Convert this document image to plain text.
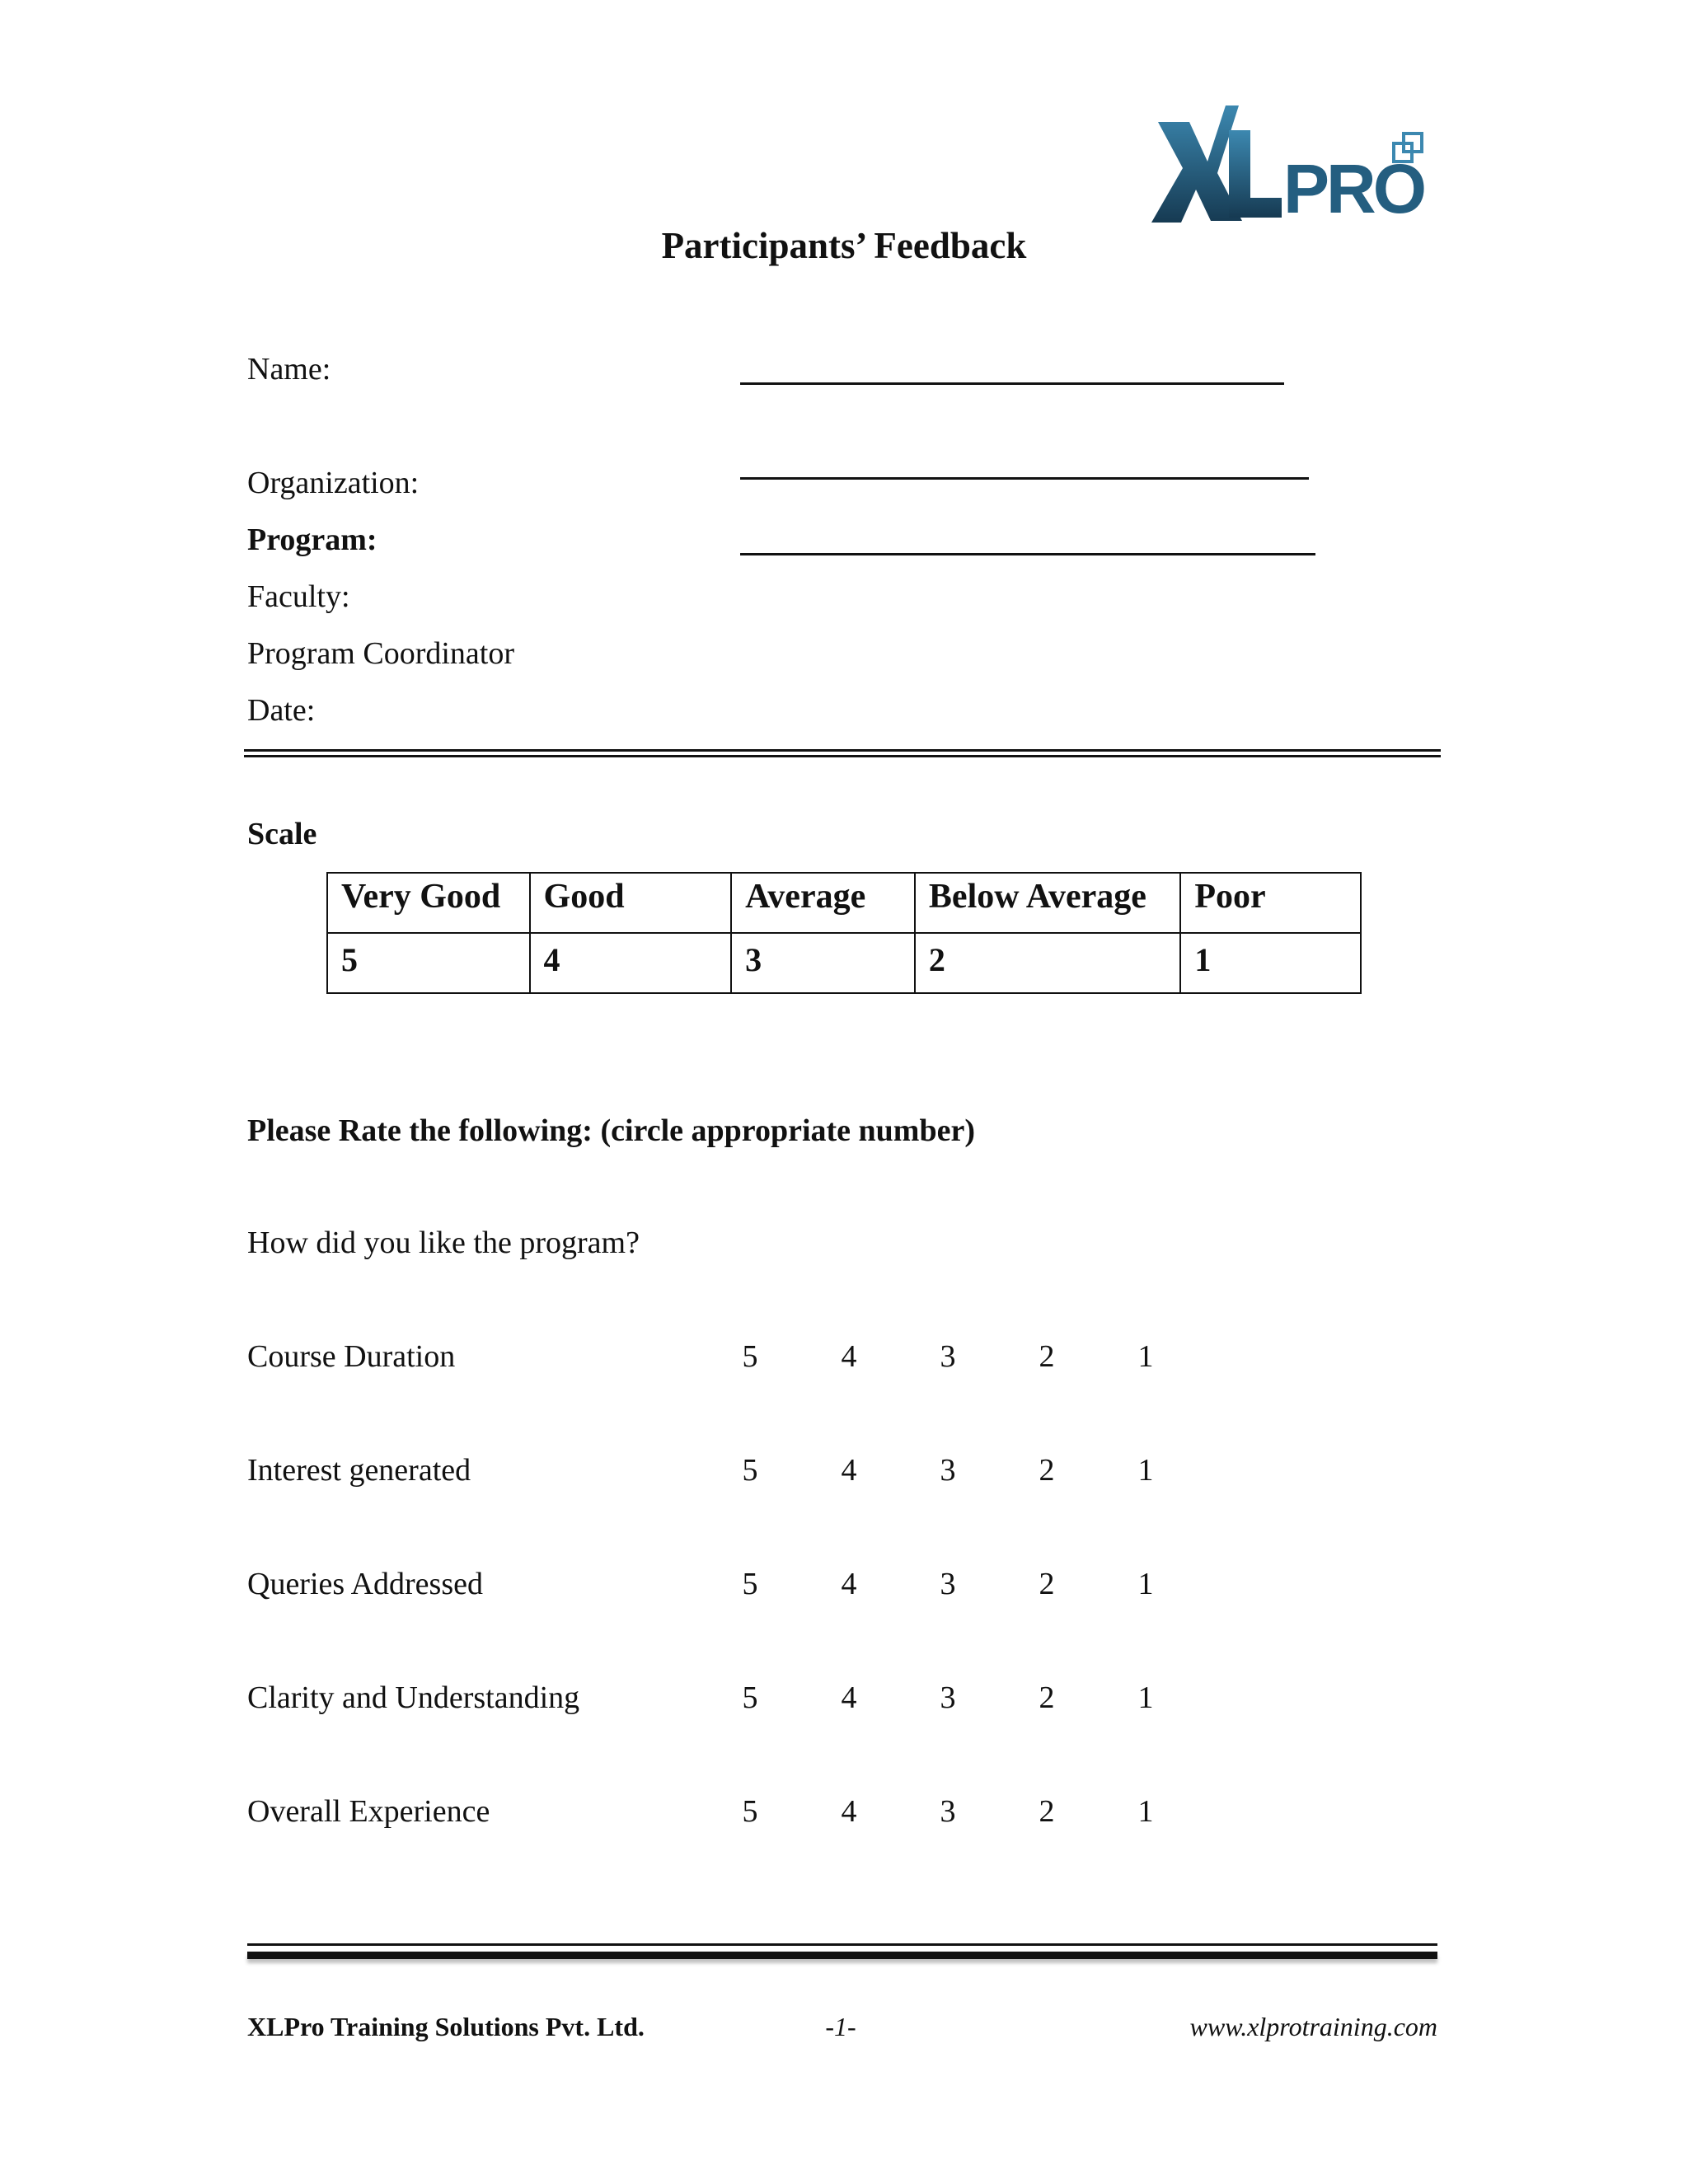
PRO
Participants’ Feedback
Name:
Organization:
Program:
Faculty:
Program Coordinator
Date:
Scale
Very Good	Good	Average	Below Average	Poor
5	4	3	2	1
Please Rate the following: (circle appropriate number)
How did you like the program?
Course Duration	5	4	3	2	1
Interest generated	5	4	3	2	1
Queries Addressed	5	4	3	2	1
Clarity and Understanding	5	4	3	2	1
Overall Experience	5	4	3	2	1
XLPro Training Solutions Pvt. Ltd.	-1-	www.xlprotraining.com
